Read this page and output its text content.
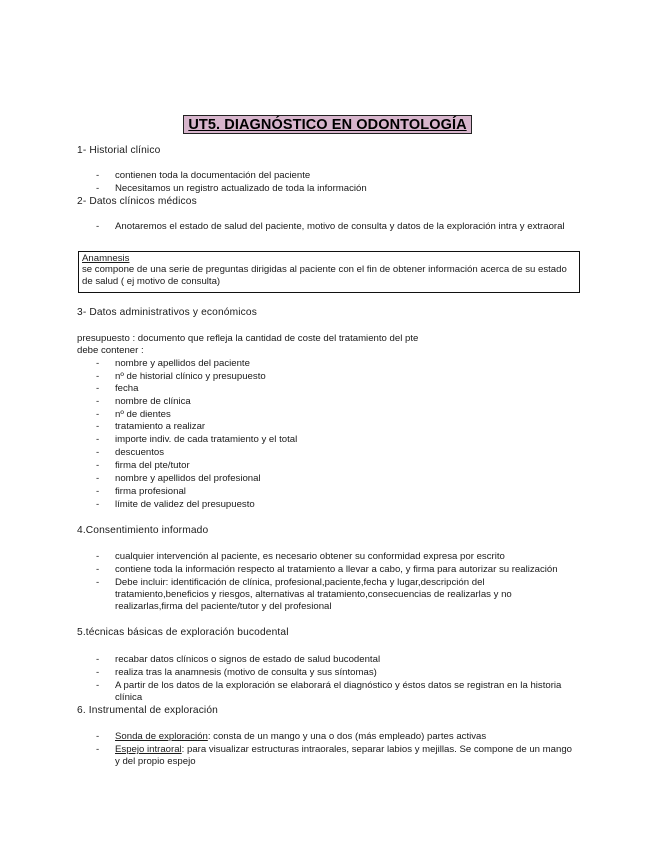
UT5. DIAGNÓSTICO EN ODONTOLOGÍA
1- Historial clínico
- contienen toda la documentación del paciente
- Necesitamos un registro actualizado de toda la información
2- Datos clínicos médicos
- Anotaremos el estado de salud del paciente, motivo de consulta y datos de la exploración intra y extraoral
Anamnesis
se compone de una serie de preguntas dirigidas al paciente con el fin de obtener información acerca de su estado
de salud ( ej motivo de consulta)
3- Datos administrativos y económicos
presupuesto : documento que refleja la cantidad de coste del tratamiento del pte
debe contener :
- nombre y apellidos del paciente
- nº de historial clínico y presupuesto
- fecha
- nombre de clínica
- nº de dientes
- tratamiento a realizar
- importe indiv. de cada tratamiento y el total
- descuentos
- firma del pte/tutor
- nombre y apellidos del profesional
- firma profesional
- límite de validez del presupuesto
4.Consentimiento informado
- cualquier intervención al paciente, es necesario obtener su conformidad expresa por escrito
- contiene toda la información respecto al tratamiento a llevar a cabo, y firma para autorizar su realización
- Debe incluir: identificación de clínica, profesional,paciente,fecha y lugar,descripción del
tratamiento,beneficios y riesgos, alternativas al tratamiento,consecuencias de realizarlas y no
realizarlas,firma del paciente/tutor y del profesional
5.técnicas básicas de exploración bucodental
- recabar datos clínicos o signos de estado de salud bucodental
- realiza tras la anamnesis (motivo de consulta y sus síntomas)
- A partir de los datos de la exploración se elaborará el diagnóstico y éstos datos se registran en la historia
clínica
6. Instrumental de exploración
- Sonda de exploración: consta de un mango y una o dos (más empleado) partes activas
- Espejo intraoral: para visualizar estructuras intraorales, separar labios y mejillas. Se compone de un mango
y del propio espejo
